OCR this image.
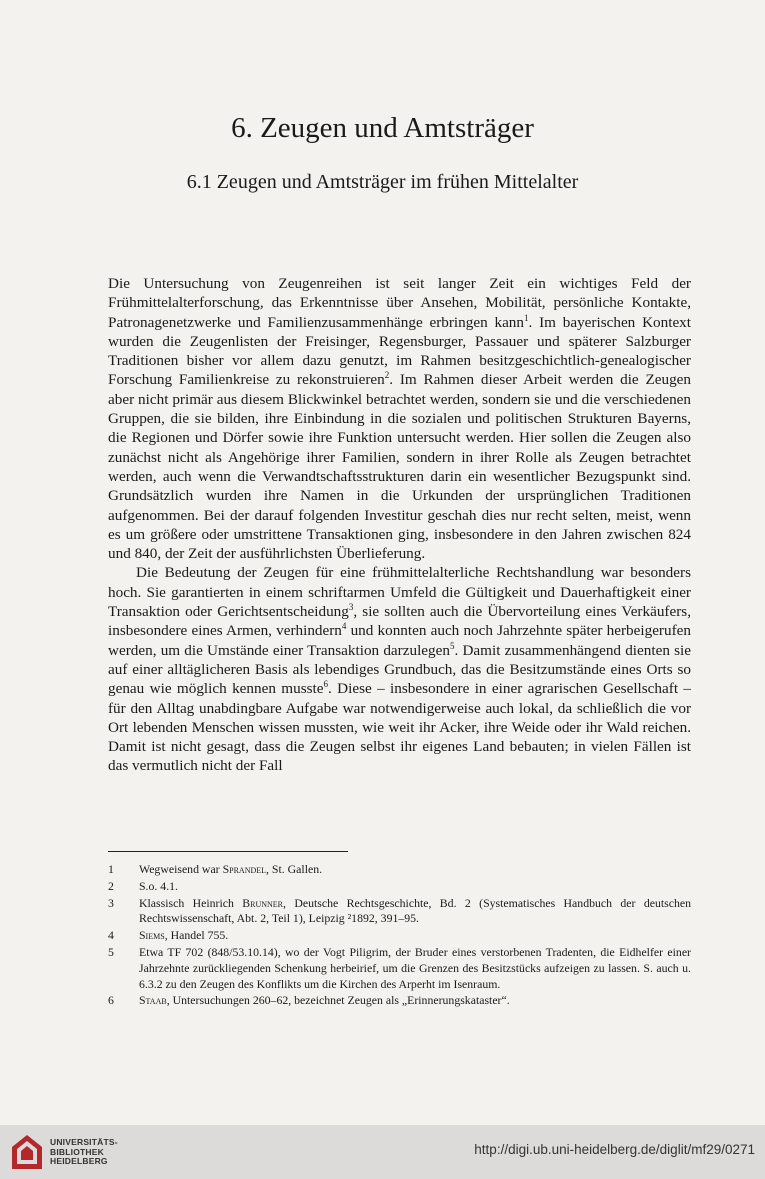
6. Zeugen und Amtsträger
6.1 Zeugen und Amtsträger im frühen Mittelalter

Die Untersuchung von Zeugenreihen ist seit langer Zeit ein wichtiges Feld der Frühmittelalterforschung, das Erkenntnisse über Ansehen, Mobilität, persönliche Kontakte, Patronagenetzwerke und Familienzusammenhänge erbringen kann$^1$. Im bayerischen Kontext wurden die Zeugenlisten der Freisinger, Regensburger, Passauer und späterer Salzburger Traditionen bisher vor allem dazu genutzt, im Rahmen besitzgeschichtlich-genealogischer Forschung Familienkreise zu rekonstruieren$^2$. Im Rahmen dieser Arbeit werden die Zeugen aber nicht primär aus diesem Blickwinkel betrachtet werden, sondern sie und die verschiedenen Gruppen, die sie bilden, ihre Einbindung in die sozialen und politischen Strukturen Bayerns, die Regionen und Dörfer sowie ihre Funktion untersucht werden. Hier sollen die Zeugen also zunächst nicht als Angehörige ihrer Familien, sondern in ihrer Rolle als Zeugen betrachtet werden, auch wenn die Verwandtschaftsstrukturen darin ein wesentlicher Bezugspunkt sind. Grundsätzlich wurden ihre Namen in die Urkunden der ursprünglichen Traditionen aufgenommen. Bei der darauf folgenden Investitur geschah dies nur recht selten, meist, wenn es um größere oder umstrittene Transaktionen ging, insbesondere in den Jahren zwischen 824 und 840, der Zeit der ausführlichsten Überlieferung.

Die Bedeutung der Zeugen für eine frühmittelalterliche Rechtshandlung war besonders hoch. Sie garantierten in einem schriftarmen Umfeld die Gültigkeit und Dauerhaftigkeit einer Transaktion oder Gerichtsentscheidung$^3$, sie sollten auch die Übervorteilung eines Verkäufers, insbesondere eines Armen, verhindern$^4$ und konnten auch noch Jahrzehnte später herbeigerufen werden, um die Umstände einer Transaktion darzulegen$^5$. Damit zusammenhängend dienten sie auf einer alltäglicheren Basis als lebendiges Grundbuch, das die Besitzumstände eines Orts so genau wie möglich kennen musste$^6$. Diese – insbesondere in einer agrarischen Gesellschaft – für den Alltag unabdingbare Aufgabe war notwendigerweise auch lokal, da schließlich die vor Ort lebenden Menschen wissen mussten, wie weit ihr Acker, ihre Weide oder ihr Wald reichen. Damit ist nicht gesagt, dass die Zeugen selbst ihr eigenes Land bebauten; in vielen Fällen ist das vermutlich nicht der Fall

1	Wegweisend war Sprandel, St. Gallen.
2	S.o. 4.1.
3	Klassisch Heinrich Brunner, Deutsche Rechtsgeschichte, Bd. 2 (Systematisches Handbuch der deutschen Rechtswissenschaft, Abt. 2, Teil 1), Leipzig ²1892, 391–95.
4	Siems, Handel 755.
5	Etwa TF 702 (848/53.10.14), wo der Vogt Piligrim, der Bruder eines verstorbenen Tradenten, die Eidhelfer einer Jahrzehnte zurückliegenden Schenkung herbeirief, um die Grenzen des Besitzstücks aufzeigen zu lassen. S. auch u. 6.3.2 zu den Zeugen des Konflikts um die Kirchen des Arperht im Isenraum.
6	Staab, Untersuchungen 260–62, bezeichnet Zeugen als „Erinnerungskataster“.
UNIVERSITÄTS-
BIBLIOTHEK
HEIDELBERG
http://digi.ub.uni-heidelberg.de/diglit/mf29/0271
